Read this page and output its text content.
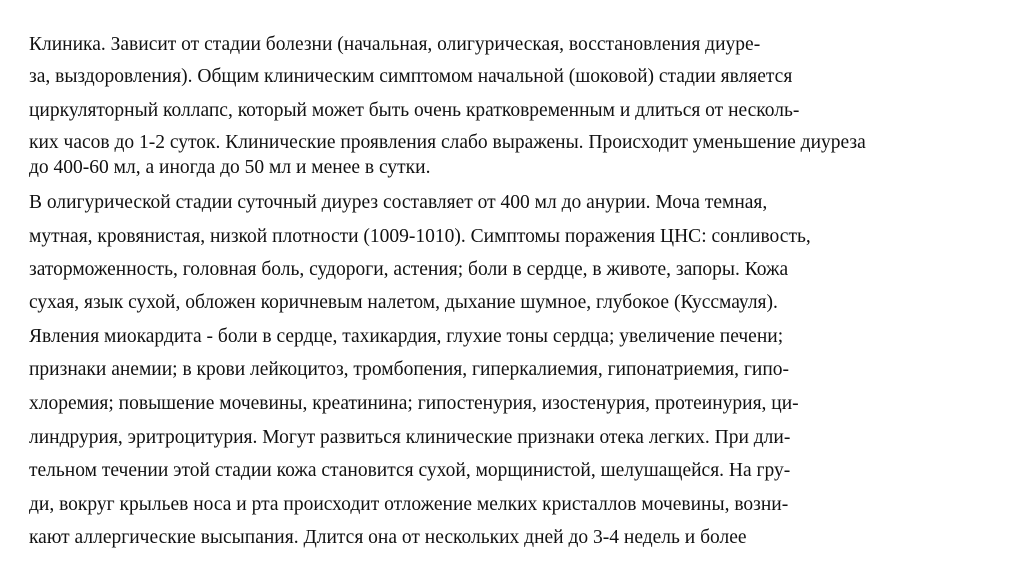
Клиника. Зависит от стадии болезни (начальная, олигурическая, восстановления диуре-

за, выздоровления). Общим клиническим симптомом начальной (шоковой) стадии является

циркуляторный коллапс, который может быть очень кратковременным и длиться от несколь-

ких часов до 1-2 суток. Клинические проявления слабо выражены. Происходит уменьшение диуреза

до 400-60 мл, а иногда до 50 мл и менее в сутки.

В олигурической стадии суточный диурез составляет от 400 мл до анурии. Моча темная,

мутная, кровянистая, низкой плотности (1009-1010). Симптомы поражения ЦНС: сонливость,

заторможенность, головная боль, судороги, астения; боли в сердце, в животе, запоры. Кожа

сухая, язык сухой, обложен коричневым налетом, дыхание шумное, глубокое (Куссмауля).

Явления миокардита - боли в сердце, тахикардия, глухие тоны сердца; увеличение печени;

признаки анемии; в крови лейкоцитоз, тромбопения, гиперкалиемия, гипонатриемия, гипо-

хлоремия; повышение мочевины, креатинина; гипостенурия, изостенурия, протеинурия, ци-

линдрурия, эритроцитурия. Могут развиться клинические признаки отека легких. При дли-

тельном течении этой стадии кожа становится сухой, морщинистой, шелушащейся. На гру-

ди, вокруг крыльев носа и рта происходит отложение мелких кристаллов мочевины, возни-

кают аллергические высыпания. Длится она от нескольких дней до 3-4 недель и более
